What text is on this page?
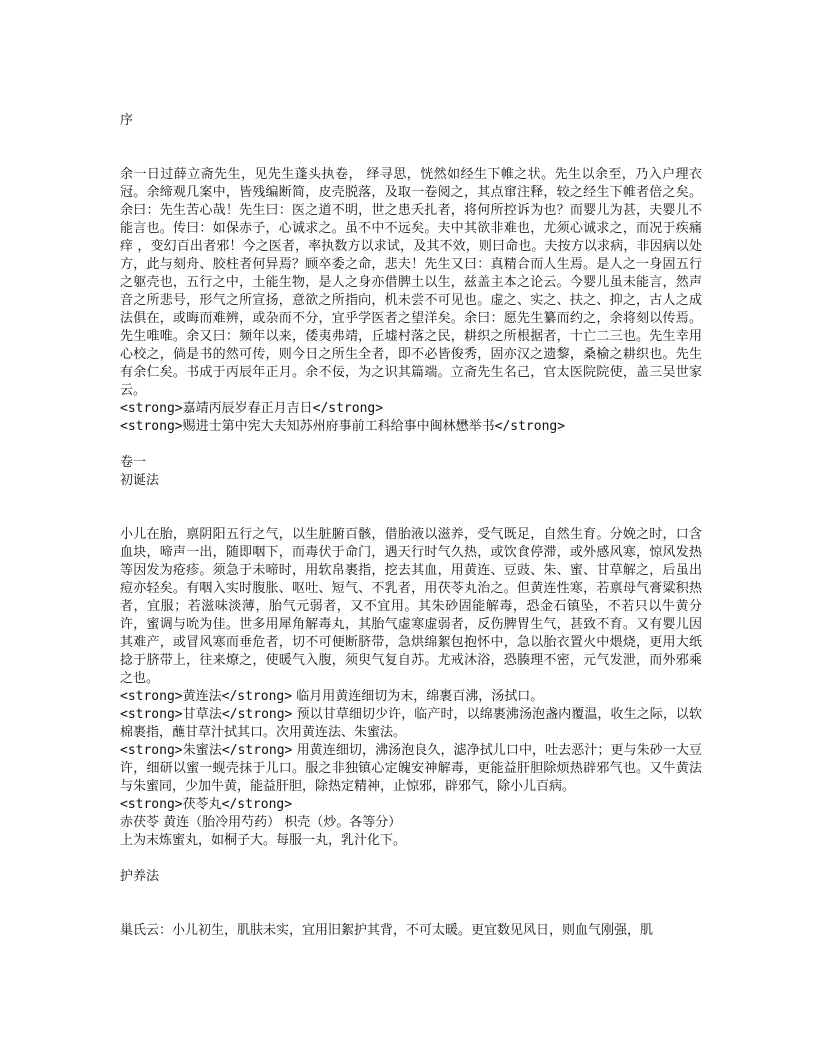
序

余一日过薛立斋先生，见先生蓬头执卷， 绎寻思，恍然如经生下帷之状。先生以余至，乃入户理衣冠。余缔观几案中，皆残编断简，皮壳脱落，及取一卷阅之，其点窜注释，较之经生下帷者倍之矣。余曰：先生苦心哉！先生曰：医之道不明，世之患夭扎者，将何所控诉为也？而婴儿为甚，夫婴儿不能言也。传曰：如保赤子，心诚求之。虽不中不远矣。夫中其欲非难也，尤须心诚求之，而况于疾痛痒 ，变幻百出者邪！今之医者，率执数方以求试，及其不效，则曰命也。夫按方以求病，非因病以处方，此与刻舟、胶柱者何异焉？顾卒委之命，悲夫！先生又曰：真精合而人生焉。是人之一身固五行之躯壳也，五行之中，土能生物，是人之身亦借脾土以生，兹盖主本之论云。今婴儿虽未能言，然声音之所悲号，形气之所宣扬，意欲之所指向，机未尝不可见也。虚之、实之、扶之、抑之，古人之成法俱在，或晦而难辨，或杂而不分，宜乎学医者之望洋矣。余曰：愿先生纂而约之，余将刻以传焉。先生唯唯。余又曰：频年以来，倭夷弗靖，丘墟村落之民，耕织之所根据者，十亡二三也。先生幸用心校之，倘是书的然可传，则今日之所生全者，即不必皆俊秀，固亦汉之遗黎，桑榆之耕织也。先生有余仁矣。书成于丙辰年正月。余不佞，为之识其篇端。立斋先生名己，官太医院院使，盖三吴世家云。

<strong>嘉靖丙辰岁春正月吉日</strong>

<strong>赐进士第中宪大夫知苏州府事前工科给事中闽林懋举书</strong>

卷一

初诞法

小儿在胎，禀阴阳五行之气，以生脏腑百骸，借胎液以滋养，受气既足，自然生育。分娩之时，口含血块，啼声一出，随即咽下，而毒伏于命门，遇天行时气久热，或饮食停滞，或外感风寒，惊风发热等因发为疮疹。须急于未啼时，用软帛裹指，挖去其血，用黄连、豆豉、朱、蜜、甘草解之，后虽出痘亦轻矣。有咽入实时腹胀、呕吐、短气、不乳者，用茯苓丸治之。但黄连性寒，若禀母气膏粱积热者，宜服；若滋味淡薄，胎气元弱者，又不宜用。其朱砂固能解毒，恐金石镇坠，不若只以牛黄分许，蜜调与吮为佳。世多用犀角解毒丸，其胎气虚寒虚弱者，反伤脾胃生气，甚致不育。又有婴儿因其难产，或冒风寒而垂危者，切不可便断脐带，急烘绵絮包抱怀中，急以胎衣置火中煨烧，更用大纸捻于脐带上，往来燎之，使暖气入腹，须臾气复自苏。尤戒沐浴，恐腠理不密，元气发泄，而外邪乘之也。

<strong>黄连法</strong> 临月用黄连细切为末，绵裹百沸，汤拭口。

<strong>甘草法</strong> 预以甘草细切少许，临产时，以绵裹沸汤泡盏内覆温，收生之际，以软棉裹指，蘸甘草汁拭其口。次用黄连法、朱蜜法。

<strong>朱蜜法</strong> 用黄连细切，沸汤泡良久，滤净拭儿口中，吐去恶汁；更与朱砂一大豆许，细研以蜜一蚬壳抹于儿口。服之非独镇心定魄安神解毒，更能益肝胆除烦热辟邪气也。又牛黄法与朱蜜同，少加牛黄，能益肝胆，除热定精神，止惊邪，辟邪气，除小儿百病。

<strong>茯苓丸</strong>

赤茯苓 黄连（胎冷用芍药） 枳壳（炒。各等分）

上为末炼蜜丸，如桐子大。每服一丸，乳汁化下。

护养法

巢氏云：小儿初生，肌肤未实，宜用旧絮护其背，不可太暖。更宜数见风日，则血气刚强，肌
